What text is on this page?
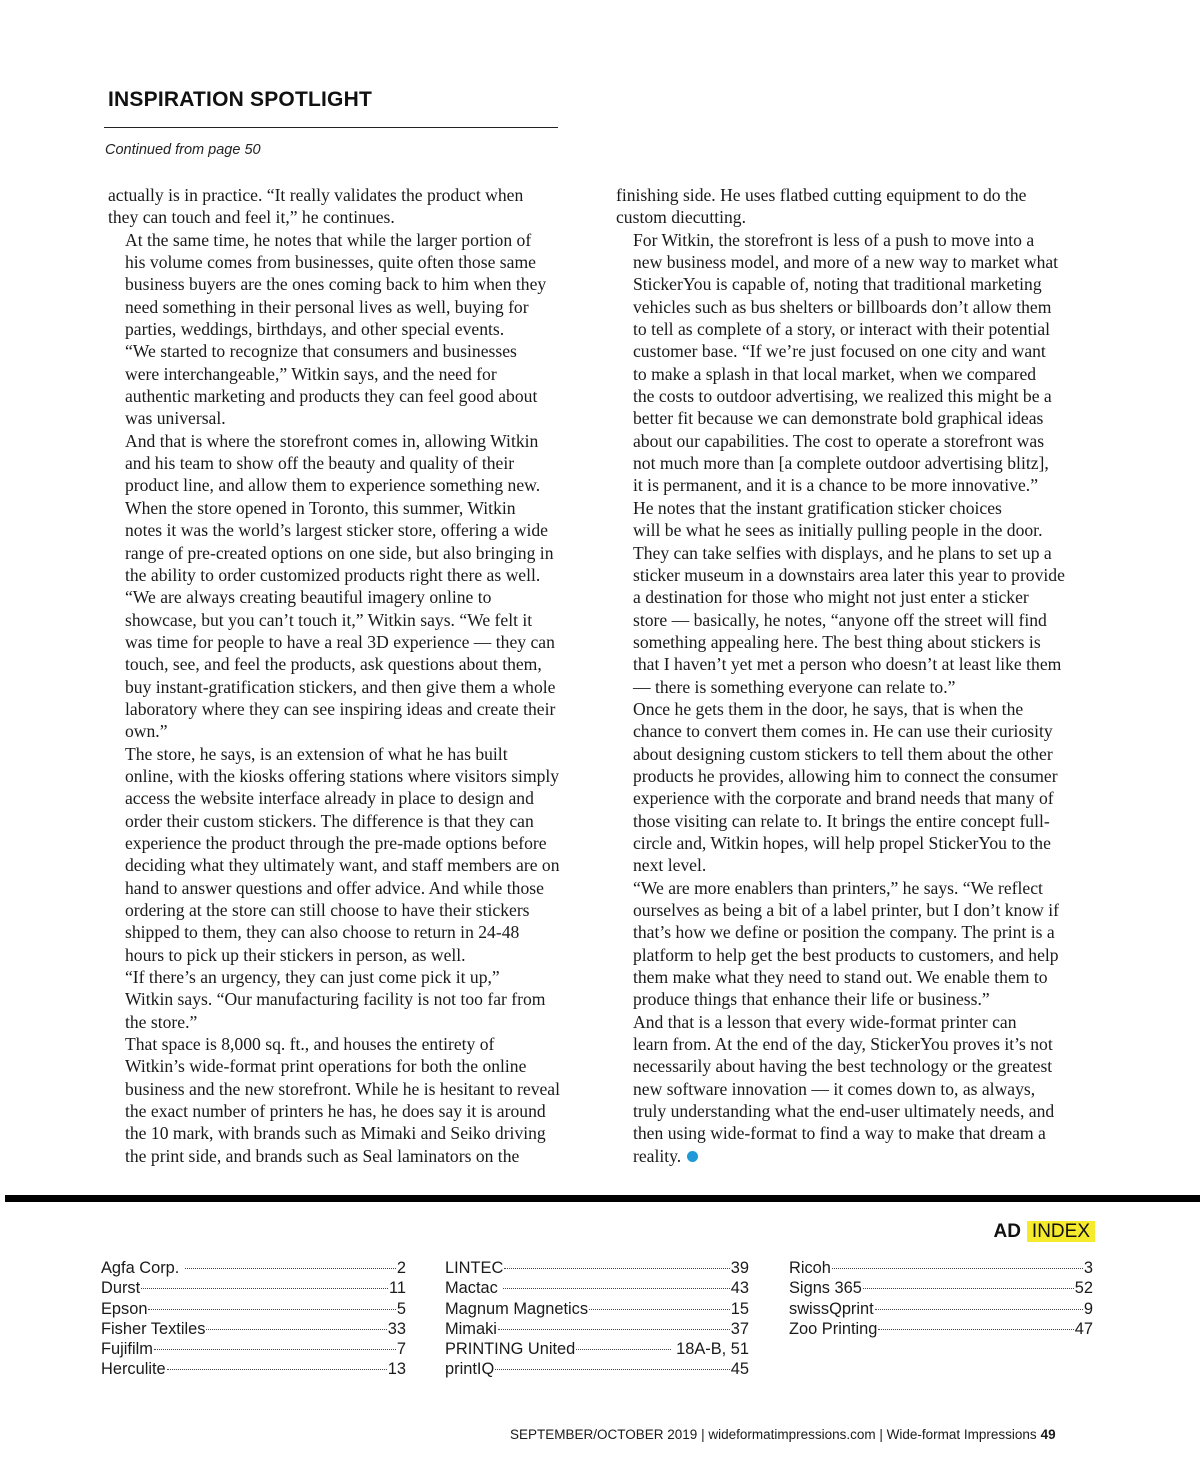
INSPIRATION SPOTLIGHT
Continued from page 50

actually is in practice. “It really validates the product when
they can touch and feel it,” he continues.

At the same time, he notes that while the larger portion of
his volume comes from businesses, quite often those same
business buyers are the ones coming back to him when they
need something in their personal lives as well, buying for
parties, weddings, birthdays, and other special events.

“We started to recognize that consumers and businesses
were interchangeable,” Witkin says, and the need for
authentic marketing and products they can feel good about
was universal.

And that is where the storefront comes in, allowing Witkin
and his team to show off the beauty and quality of their
product line, and allow them to experience something new.
When the store opened in Toronto, this summer, Witkin
notes it was the world’s largest sticker store, offering a wide
range of pre-created options on one side, but also bringing in
the ability to order customized products right there as well.

“We are always creating beautiful imagery online to
showcase, but you can’t touch it,” Witkin says. “We felt it
was time for people to have a real 3D experience — they can
touch, see, and feel the products, ask questions about them,
buy instant-gratification stickers, and then give them a whole
laboratory where they can see inspiring ideas and create their
own.”

The store, he says, is an extension of what he has built
online, with the kiosks offering stations where visitors simply
access the website interface already in place to design and
order their custom stickers. The difference is that they can
experience the product through the pre-made options before
deciding what they ultimately want, and staff members are on
hand to answer questions and offer advice. And while those
ordering at the store can still choose to have their stickers
shipped to them, they can also choose to return in 24-48
hours to pick up their stickers in person, as well.

“If there’s an urgency, they can just come pick it up,”
Witkin says. “Our manufacturing facility is not too far from
the store.”

That space is 8,000 sq. ft., and houses the entirety of
Witkin’s wide-format print operations for both the online
business and the new storefront. While he is hesitant to reveal
the exact number of printers he has, he does say it is around
the 10 mark, with brands such as Mimaki and Seiko driving
the print side, and brands such as Seal laminators on the

finishing side. He uses flatbed cutting equipment to do the
custom diecutting.

For Witkin, the storefront is less of a push to move into a
new business model, and more of a new way to market what
StickerYou is capable of, noting that traditional marketing
vehicles such as bus shelters or billboards don’t allow them
to tell as complete of a story, or interact with their potential
customer base. “If we’re just focused on one city and want
to make a splash in that local market, when we compared
the costs to outdoor advertising, we realized this might be a
better fit because we can demonstrate bold graphical ideas
about our capabilities. The cost to operate a storefront was
not much more than [a complete outdoor advertising blitz],
it is permanent, and it is a chance to be more innovative.”

He notes that the instant gratification sticker choices
will be what he sees as initially pulling people in the door.
They can take selfies with displays, and he plans to set up a
sticker museum in a downstairs area later this year to provide
a destination for those who might not just enter a sticker
store — basically, he notes, “anyone off the street will find
something appealing here. The best thing about stickers is
that I haven’t yet met a person who doesn’t at least like them
— there is something everyone can relate to.”

Once he gets them in the door, he says, that is when the
chance to convert them comes in. He can use their curiosity
about designing custom stickers to tell them about the other
products he provides, allowing him to connect the consumer
experience with the corporate and brand needs that many of
those visiting can relate to. It brings the entire concept full-
circle and, Witkin hopes, will help propel StickerYou to the
next level.

“We are more enablers than printers,” he says. “We reflect
ourselves as being a bit of a label printer, but I don’t know if
that’s how we define or position the company. The print is a
platform to help get the best products to customers, and help
them make what they need to stand out. We enable them to
produce things that enhance their life or business.”

And that is a lesson that every wide-format printer can
learn from. At the end of the day, StickerYou proves it’s not
necessarily about having the best technology or the greatest
new software innovation — it comes down to, as always,
truly understanding what the end-user ultimately needs, and
then using wide-format to find a way to make that dream a
reality.

AD INDEX
Agfa Corp.	2
Durst	11
Epson	5
Fisher Textiles	33
Fujifilm	7
Herculite	13
LINTEC	39
Mactac	43
Magnum Magnetics	15
Mimaki	37
PRINTING United	18A-B, 51
printIQ	45
Ricoh	3
Signs 365	52
swissQprint	9
Zoo Printing	47
SEPTEMBER/OCTOBER 2019 | wideformatimpressions.com | Wide-format Impressions 49
